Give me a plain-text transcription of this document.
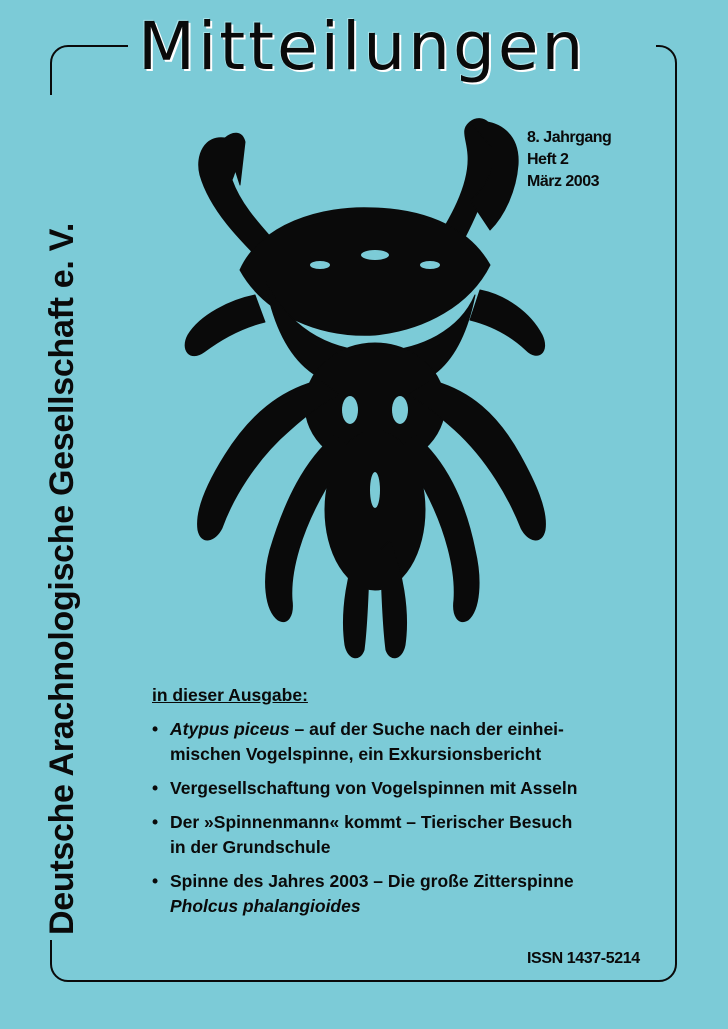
Mitteilungen
Deutsche Arachnologische Gesellschaft e. V.
8. Jahrgang
Heft 2
März 2003
in dieser Ausgabe:
• Atypus piceus – auf der Suche nach der einhei-
mischen Vogelspinne, ein Exkursionsbericht
• Vergesellschaftung von Vogelspinnen mit Asseln
• Der »Spinnenmann« kommt – Tierischer Besuch
in der Grundschule
• Spinne des Jahres 2003 – Die große Zitterspinne
Pholcus phalangioides
ISSN 1437-5214
